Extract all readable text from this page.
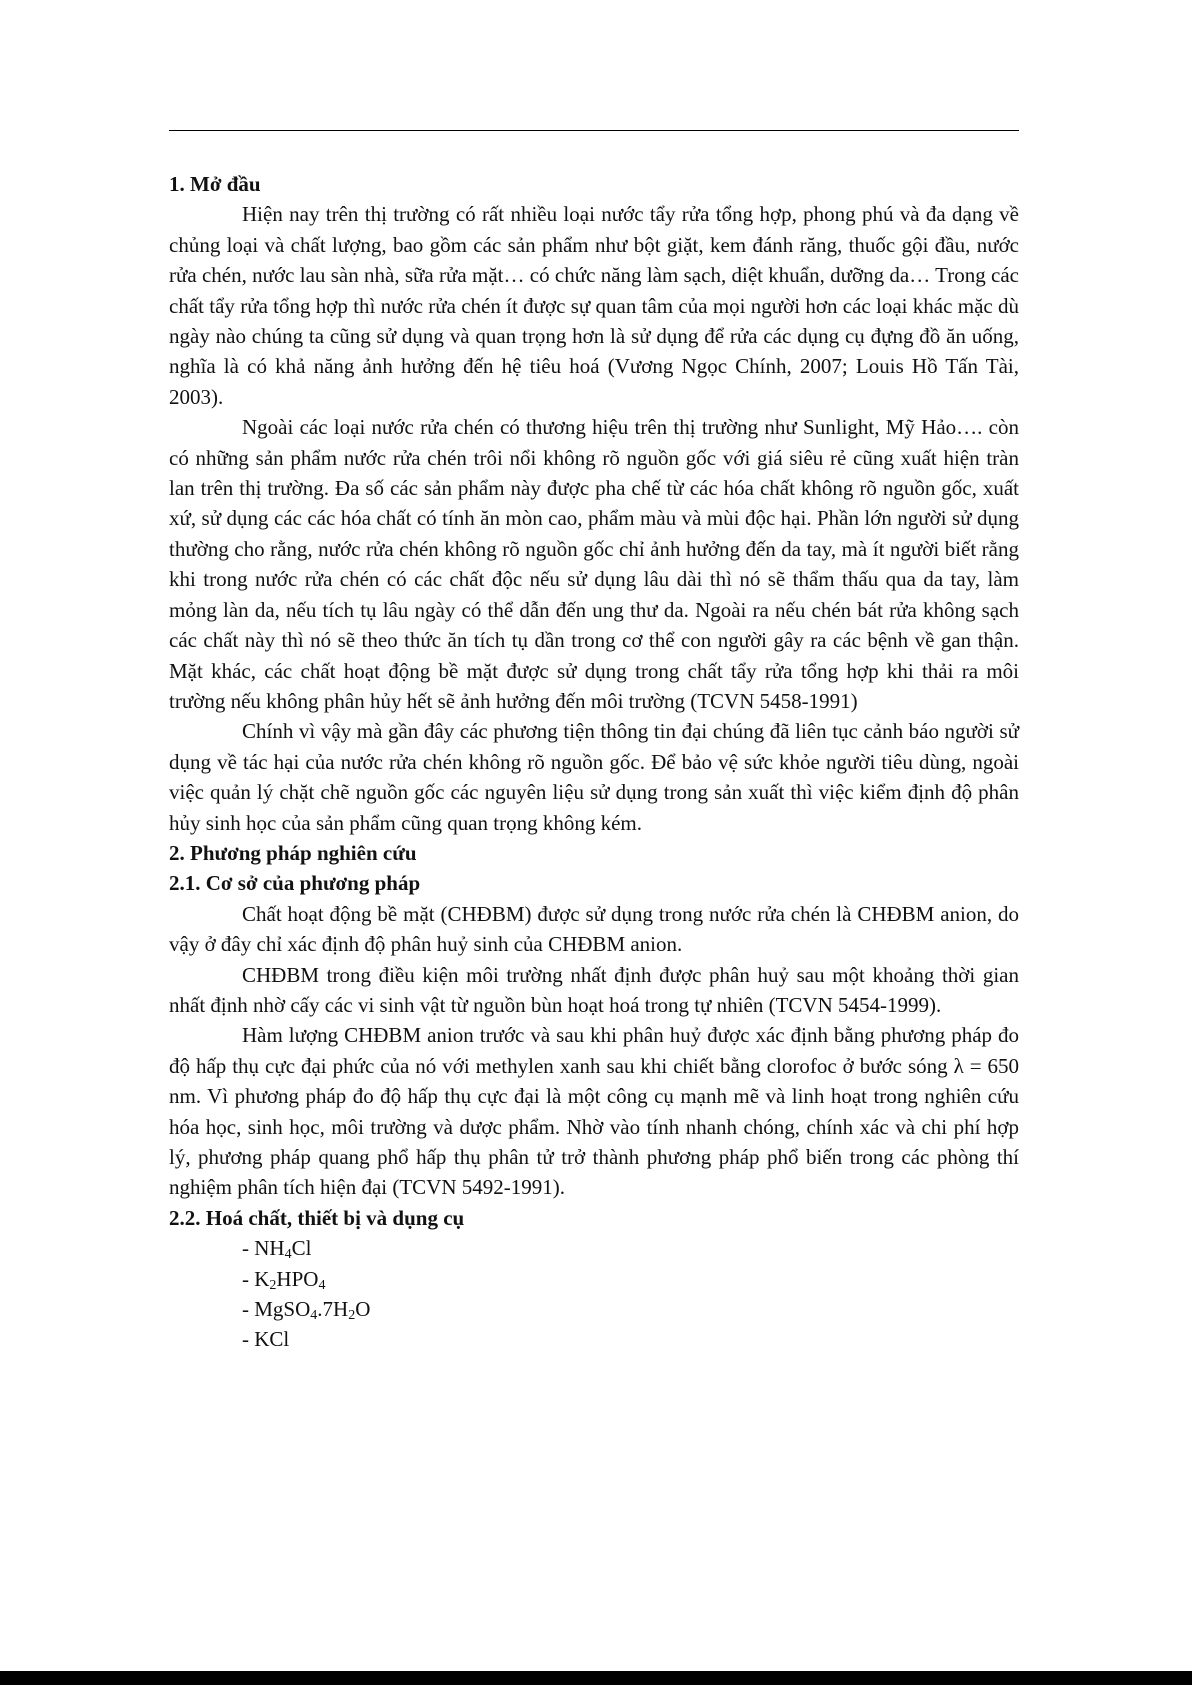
1. Mở đầu

Hiện nay trên thị trường có rất nhiều loại nước tẩy rửa tổng hợp, phong phú và đa dạng về chủng loại và chất lượng, bao gồm các sản phẩm như bột giặt, kem đánh răng, thuốc gội đầu, nước rửa chén, nước lau sàn nhà, sữa rửa mặt… có chức năng làm sạch, diệt khuẩn, dưỡng da… Trong các chất tẩy rửa tổng hợp thì nước rửa chén ít được sự quan tâm của mọi người hơn các loại khác mặc dù ngày nào chúng ta cũng sử dụng và quan trọng hơn là sử dụng để rửa các dụng cụ đựng đồ ăn uống, nghĩa là có khả năng ảnh hưởng đến hệ tiêu hoá (Vương Ngọc Chính, 2007; Louis Hồ Tấn Tài, 2003).

Ngoài các loại nước rửa chén có thương hiệu trên thị trường như Sunlight, Mỹ Hảo…. còn có những sản phẩm nước rửa chén trôi nổi không rõ nguồn gốc với giá siêu rẻ cũng xuất hiện tràn lan trên thị trường. Đa số các sản phẩm này được pha chế từ các hóa chất không rõ nguồn gốc, xuất xứ, sử dụng các các hóa chất có tính ăn mòn cao, phẩm màu và mùi độc hại. Phần lớn người sử dụng thường cho rằng, nước rửa chén không rõ nguồn gốc chỉ ảnh hưởng đến da tay, mà ít người biết rằng khi trong nước rửa chén có các chất độc nếu sử dụng lâu dài thì nó sẽ thẩm thấu qua da tay, làm mỏng làn da, nếu tích tụ lâu ngày có thể dẫn đến ung thư da. Ngoài ra nếu chén bát rửa không sạch các chất này thì nó sẽ theo thức ăn tích tụ dần trong cơ thể con người gây ra các bệnh về gan thận. Mặt khác, các chất hoạt động bề mặt được sử dụng trong chất tẩy rửa tổng hợp khi thải ra môi trường nếu không phân hủy hết sẽ ảnh hưởng đến môi trường (TCVN 5458-1991)

Chính vì vậy mà gần đây các phương tiện thông tin đại chúng đã liên tục cảnh báo người sử dụng về tác hại của nước rửa chén không rõ nguồn gốc. Để bảo vệ sức khỏe người tiêu dùng, ngoài việc quản lý chặt chẽ nguồn gốc các nguyên liệu sử dụng trong sản xuất thì việc kiểm định độ phân hủy sinh học của sản phẩm cũng quan trọng không kém.

2. Phương pháp nghiên cứu
2.1. Cơ sở của phương pháp

Chất hoạt động bề mặt (CHĐBM) được sử dụng trong nước rửa chén là CHĐBM anion, do vậy ở đây chỉ xác định độ phân huỷ sinh của CHĐBM anion.

CHĐBM trong điều kiện môi trường nhất định được phân huỷ sau một khoảng thời gian nhất định nhờ cấy các vi sinh vật từ nguồn bùn hoạt hoá trong tự nhiên (TCVN 5454-1999).

Hàm lượng CHĐBM anion trước và sau khi phân huỷ được xác định bằng phương pháp đo độ hấp thụ cực đại phức của nó với methylen xanh sau khi chiết bằng clorofoc ở bước sóng λ = 650 nm. Vì phương pháp đo độ hấp thụ cực đại là một công cụ mạnh mẽ và linh hoạt trong nghiên cứu hóa học, sinh học, môi trường và dược phẩm. Nhờ vào tính nhanh chóng, chính xác và chi phí hợp lý, phương pháp quang phổ hấp thụ phân tử trở thành phương pháp phổ biến trong các phòng thí nghiệm phân tích hiện đại (TCVN 5492-1991).

2.2. Hoá chất, thiết bị và dụng cụ

- $NH_4Cl$

- $K_2HPO_4$

- $MgSO_4.7H_2O$

- KCl
